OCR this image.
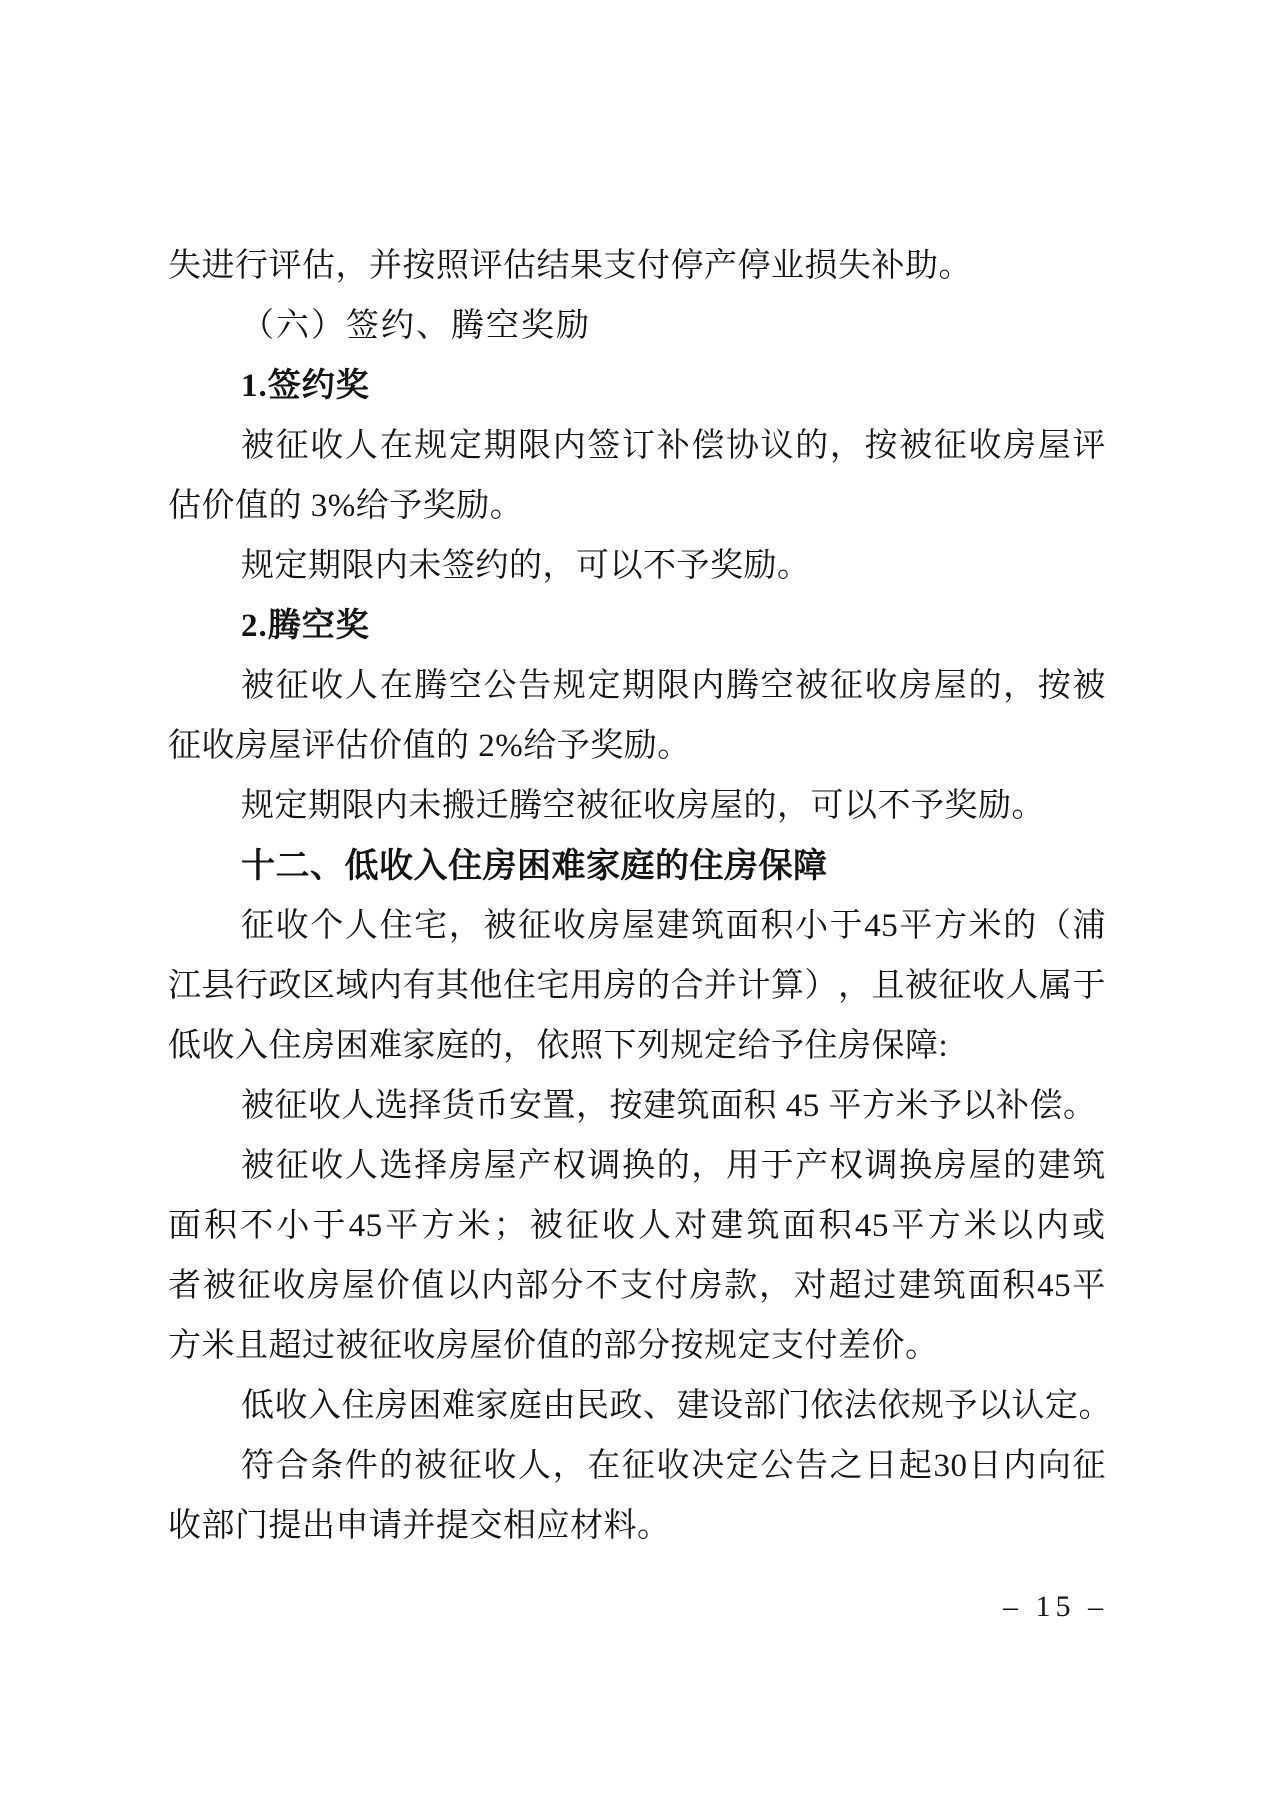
失进行评估，并按照评估结果支付停产停业损失补助。
（六）签约、腾空奖励
1.签约奖
被 征 收 人 在 规 定 期 限 内 签 订 补 偿 协 议 的 ， 按 被 征 收 房 屋 评
估价值的 3%给予奖励。
规定期限内未签约的，可以不予奖励。
2.腾空奖
被 征 收 人 在 腾 空 公 告 规 定 期 限 内 腾 空 被 征 收 房 屋 的 ， 按 被
征收房屋评估价值的 2%给予奖励。
规定期限内未搬迁腾空被征收房屋的，可以不予奖励。
十二、低收入住房困难家庭的住房保障
征 收 个 人 住 宅 ， 被 征 收 房 屋 建 筑 面 积 小 于 45 平 方 米 的 （ 浦
江 县 行 政 区 域 内 有 其 他 住 宅 用 房 的 合 并 计 算 ） ， 且 被 征 收 人 属 于
低收入住房困难家庭的，依照下列规定给予住房保障:
被征收人选择货币安置，按建筑面积 45 平方米予以补偿。
被 征 收 人 选 择 房 屋 产 权 调 换 的 ， 用 于 产 权 调 换 房 屋 的 建 筑
面 积 不 小 于 45 平 方 米 ； 被 征 收 人 对 建 筑 面 积 45 平 方 米 以 内 或
者 被 征 收 房 屋 价 值 以 内 部 分 不 支 付 房 款 ， 对 超 过 建 筑 面 积 45 平
方米且超过被征收房屋价值的部分按规定支付差价。
低收入住房困难家庭由民政、建设部门依法依规予以认定。
符 合 条 件 的 被 征 收 人 ， 在 征 收 决 定 公 告 之 日 起 30 日 内 向 征
收部门提出申请并提交相应材料。
– 15 –
